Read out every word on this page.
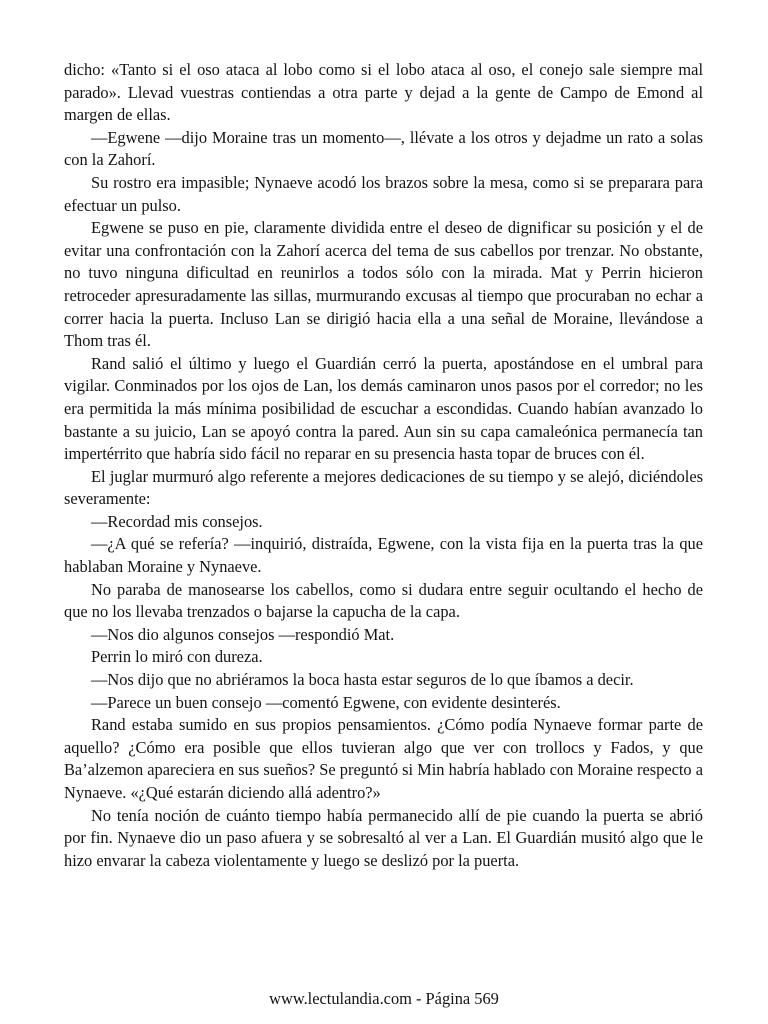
dicho: «Tanto si el oso ataca al lobo como si el lobo ataca al oso, el conejo sale siempre mal parado». Llevad vuestras contiendas a otra parte y dejad a la gente de Campo de Emond al margen de ellas.

—Egwene —dijo Moraine tras un momento—, llévate a los otros y dejadme un rato a solas con la Zahorí.

Su rostro era impasible; Nynaeve acodó los brazos sobre la mesa, como si se preparara para efectuar un pulso.

Egwene se puso en pie, claramente dividida entre el deseo de dignificar su posición y el de evitar una confrontación con la Zahorí acerca del tema de sus cabellos por trenzar. No obstante, no tuvo ninguna dificultad en reunirlos a todos sólo con la mirada. Mat y Perrin hicieron retroceder apresuradamente las sillas, murmurando excusas al tiempo que procuraban no echar a correr hacia la puerta. Incluso Lan se dirigió hacia ella a una señal de Moraine, llevándose a Thom tras él.

Rand salió el último y luego el Guardián cerró la puerta, apostándose en el umbral para vigilar. Conminados por los ojos de Lan, los demás caminaron unos pasos por el corredor; no les era permitida la más mínima posibilidad de escuchar a escondidas. Cuando habían avanzado lo bastante a su juicio, Lan se apoyó contra la pared. Aun sin su capa camaleónica permanecía tan impertérrito que habría sido fácil no reparar en su presencia hasta topar de bruces con él.

El juglar murmuró algo referente a mejores dedicaciones de su tiempo y se alejó, diciéndoles severamente:

—Recordad mis consejos.

—¿A qué se refería? —inquirió, distraída, Egwene, con la vista fija en la puerta tras la que hablaban Moraine y Nynaeve.

No paraba de manosearse los cabellos, como si dudara entre seguir ocultando el hecho de que no los llevaba trenzados o bajarse la capucha de la capa.

—Nos dio algunos consejos —respondió Mat.

Perrin lo miró con dureza.

—Nos dijo que no abriéramos la boca hasta estar seguros de lo que íbamos a decir.

—Parece un buen consejo —comentó Egwene, con evidente desinterés.

Rand estaba sumido en sus propios pensamientos. ¿Cómo podía Nynaeve formar parte de aquello? ¿Cómo era posible que ellos tuvieran algo que ver con trollocs y Fados, y que Ba’alzemon apareciera en sus sueños? Se preguntó si Min habría hablado con Moraine respecto a Nynaeve. «¿Qué estarán diciendo allá adentro?»

No tenía noción de cuánto tiempo había permanecido allí de pie cuando la puerta se abrió por fin. Nynaeve dio un paso afuera y se sobresaltó al ver a Lan. El Guardián musitó algo que le hizo envarar la cabeza violentamente y luego se deslizó por la puerta.

www.lectulandia.com - Página 569
